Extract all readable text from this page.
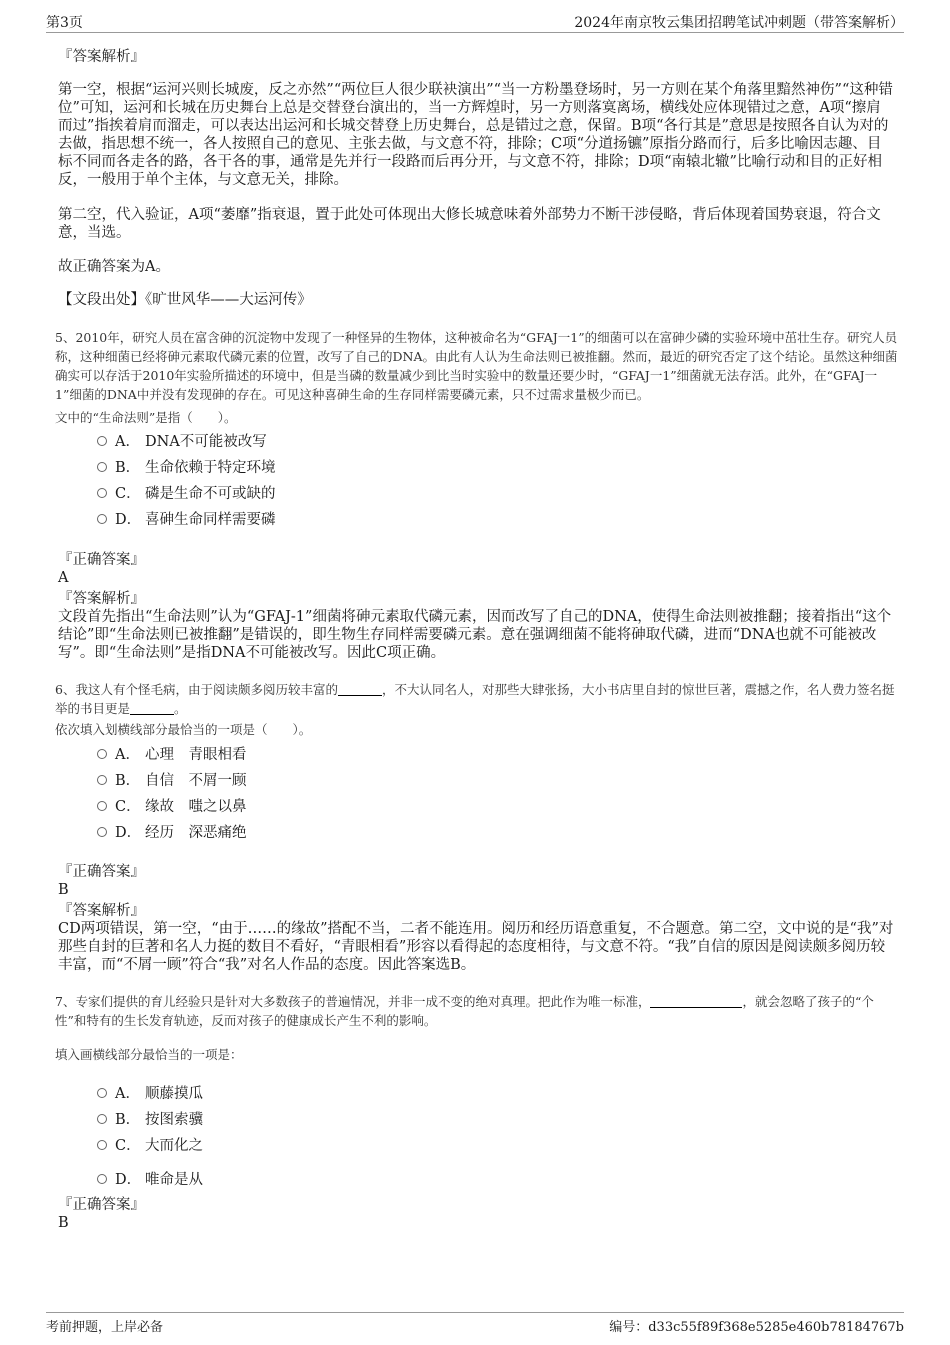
第3页	2024年南京牧云集团招聘笔试冲刺题（带答案解析）

『答案解析』

第一空，根据“运河兴则长城废，反之亦然”“两位巨人很少联袂演出”“当一方粉墨登场时，另一方则在某个角落里黯然神伤”“这种错位”可知，运河和长城在历史舞台上总是交替登台演出的，当一方辉煌时，另一方则落寞离场，横线处应体现错过之意，A项“擦肩而过”指挨着肩而溜走，可以表达出运河和长城交替登上历史舞台，总是错过之意，保留。B项“各行其是”意思是按照各自认为对的去做，指思想不统一，各人按照自己的意见、主张去做，与文意不符，排除；C项“分道扬镳”原指分路而行，后多比喻因志趣、目标不同而各走各的路，各干各的事，通常是先并行一段路而后再分开，与文意不符，排除；D项“南辕北辙”比喻行动和目的正好相反，一般用于单个主体，与文意无关，排除。

第二空，代入验证，A项“萎靡”指衰退，置于此处可体现出大修长城意味着外部势力不断干涉侵略，背后体现着国势衰退，符合文意，当选。

故正确答案为A。

【文段出处】《旷世风华——大运河传》

5、2010年，研究人员在富含砷的沉淀物中发现了一种怪异的生物体，这种被命名为“GFAJ一1”的细菌可以在富砷少磷的实验环境中茁壮生存。研究人员称，这种细菌已经将砷元素取代磷元素的位置，改写了自己的DNA。由此有人认为生命法则已被推翻。然而，最近的研究否定了这个结论。虽然这种细菌确实可以存活于2010年实验所描述的环境中，但是当磷的数量减少到比当时实验中的数量还要少时，“GFAJ一1”细菌就无法存活。此外，在“GFAJ一1”细菌的DNA中并没有发现砷的存在。可见这种喜砷生命的生存同样需要磷元素，只不过需求量极少而已。

文中的“生命法则”是指（　　）。

A． DNA不可能被改写
B． 生命依赖于特定环境
C． 磷是生命不可或缺的
D． 喜砷生命同样需要磷

『正确答案』

A

『答案解析』

文段首先指出“生命法则”认为“GFAJ-1”细菌将砷元素取代磷元素，因而改写了自己的DNA，使得生命法则被推翻；接着指出“这个结论”即“生命法则已被推翻”是错误的，即生物生存同样需要磷元素。意在强调细菌不能将砷取代磷，进而“DNA也就不可能被改写”。即“生命法则”是指DNA不可能被改写。因此C项正确。

6、我这人有个怪毛病，由于阅读颇多阅历较丰富的	，不大认同名人，对那些大肆张扬，大小书店里自封的惊世巨著，震撼之作，名人费力签名挺举的书目更是	。

依次填入划横线部分最恰当的一项是（　　）。

A． 心理　青眼相看
B． 自信　不屑一顾
C． 缘故　嗤之以鼻
D． 经历　深恶痛绝

『正确答案』

B

『答案解析』

CD两项错误，第一空，“由于……的缘故”搭配不当，二者不能连用。阅历和经历语意重复，不合题意。第二空，文中说的是“我”对那些自封的巨著和名人力挺的数目不看好，“青眼相看”形容以看得起的态度相待，与文意不符。“我”自信的原因是阅读颇多阅历较丰富，而“不屑一顾”符合“我”对名人作品的态度。因此答案选B。

7、专家们提供的育儿经验只是针对大多数孩子的普遍情况，并非一成不变的绝对真理。把此作为唯一标准，	，就会忽略了孩子的“个性”和特有的生长发育轨迹，反而对孩子的健康成长产生不利的影响。

填入画横线部分最恰当的一项是：

A． 顺藤摸瓜
B． 按图索骥
C． 大而化之
D． 唯命是从

『正确答案』

B

考前押题，上岸必备	编号：d33c55f89f368e5285e460b78184767b
